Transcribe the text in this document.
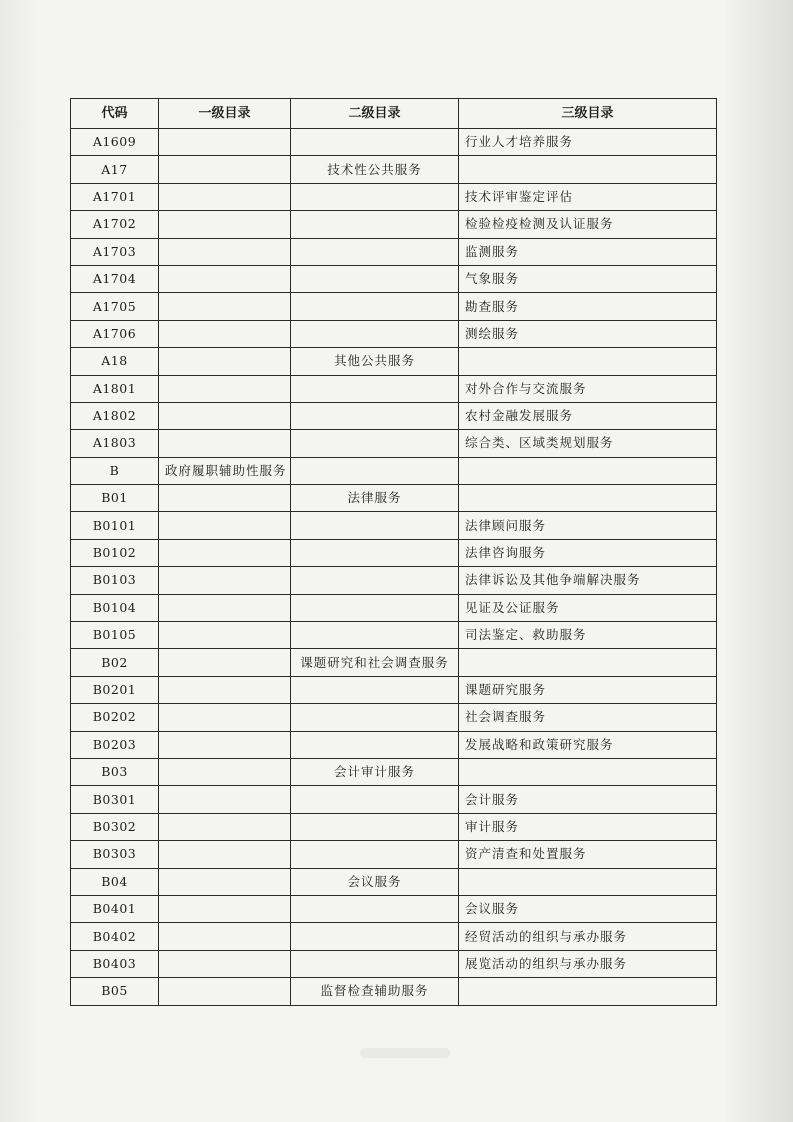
代码	一级目录	二级目录	三级目录
A1609			行业人才培养服务
A17		技术性公共服务	
A1701			技术评审鉴定评估
A1702			检验检疫检测及认证服务
A1703			监测服务
A1704			气象服务
A1705			勘查服务
A1706			测绘服务
A18		其他公共服务	
A1801			对外合作与交流服务
A1802			农村金融发展服务
A1803			综合类、区域类规划服务
B	政府履职辅助性服务		
B01		法律服务	
B0101			法律顾问服务
B0102			法律咨询服务
B0103			法律诉讼及其他争端解决服务
B0104			见证及公证服务
B0105			司法鉴定、救助服务
B02		课题研究和社会调查服务	
B0201			课题研究服务
B0202			社会调查服务
B0203			发展战略和政策研究服务
B03		会计审计服务	
B0301			会计服务
B0302			审计服务
B0303			资产清查和处置服务
B04		会议服务	
B0401			会议服务
B0402			经贸活动的组织与承办服务
B0403			展览活动的组织与承办服务
B05		监督检查辅助服务	
